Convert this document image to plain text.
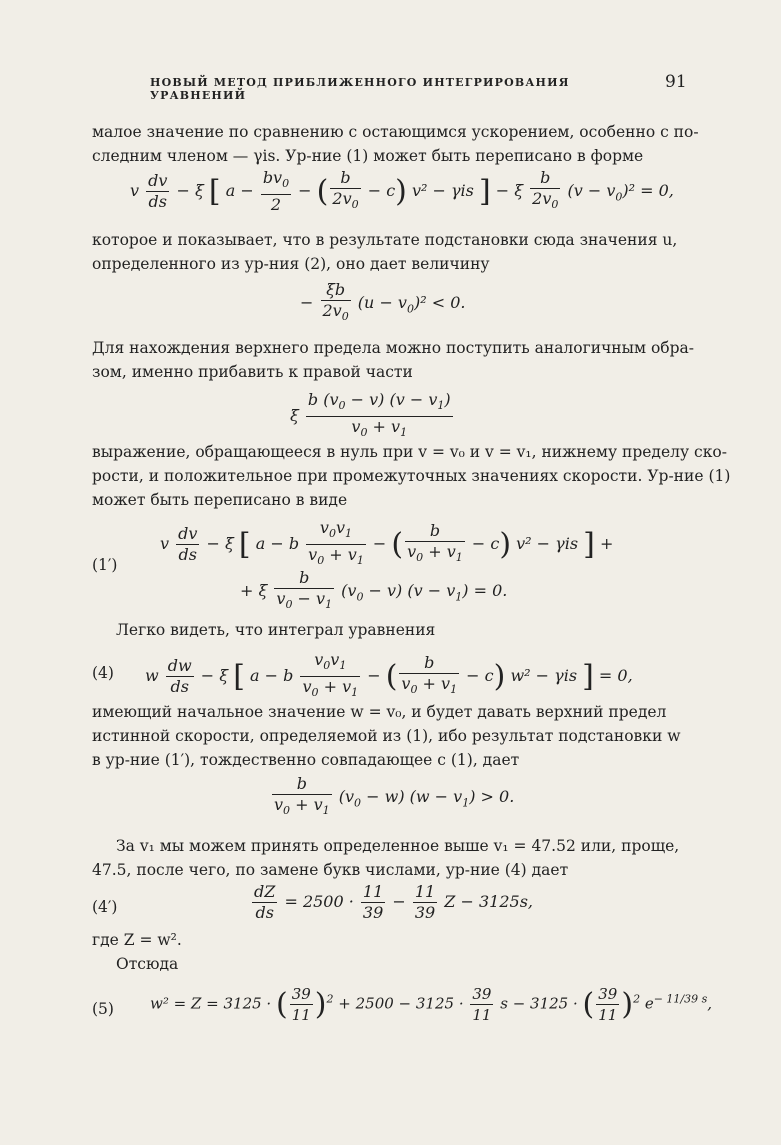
НОВЫЙ МЕТОД ПРИБЛИЖЕННОГО ИНТЕГРИРОВАНИЯ УРАВНЕНИЙ
91
малое значение по сравнению с остающимся ускорением, особенно с по-
следним членом — γis. Ур-ние (1) может быть переписано в форме
v $\frac{dv}{ds} - \xi$ [ $a - \frac{bv_0}{2}$ − ( $\frac{b}{2v_0} - c$) v² − γis ] − ξ $\frac{b}{2v_0} (v - v_0)^2 = 0$,
которое и показывает, что в результате подстановки сюда значения u,
определенного из ур-ния (2), оно дает величину
− $\frac{\xi b}{2v_0} (u - v_0)^2 < 0$.
Для нахождения верхнего предела можно поступить аналогичным обра-
зом, именно прибавить к правой части
ξ $\frac{b (v_0 - v) (v - v_1)}{v_0 + v_1}$
выражение, обращающееся в нуль при v = v₀ и v = v₁, нижнему пределу ско-
рости, и положительное при промежуточных значениях скорости. Ур-ние (1)
может быть переписано в виде
(1′)
v $\frac{dv}{ds} - \xi$ [ a − b $\frac{v_0v_1}{v_0 + v_1}$ − ( $\frac{b}{v_0 + v_1} - c$) v² − γis ] +
+ ξ $\frac{b}{v_0 - v_1} (v_0 - v) (v - v_1) = 0$.
Легко видеть, что интеграл уравнения
(4) w $\frac{dw}{ds} - \xi$ [ a − b $\frac{v_0v_1}{v_0 + v_1}$ − ( $\frac{b}{v_0 + v_1} - c$) w² − γis ] = 0,
имеющий начальное значение w = v₀, и будет давать верхний предел
истинной скорости, определяемой из (1), ибо результат подстановки w
в ур-ние (1′), тождественно совпадающее с (1), дает
$\frac{b}{v_0 + v_1} (v_0 - w) (w - v_1) > 0$.
За v₁ мы можем принять определенное выше v₁ = 47.52 или, проще,
47.5, после чего, по замене букв числами, ур-ние (4) дает
(4′)	$\frac{dZ}{ds} = 2500 \cdot \frac{11}{39} - \frac{11}{39}$ Z − 3125s,
где Z = w².
Отсюда
(5) w² = Z = 3125 · ( $\frac{39}{11} )^2 + 2500 - 3125 \cdot \frac{39}{11}$ s − 3125 · ( $\frac{39}{11} )^2$ $e^{- 11/39 s}$,
